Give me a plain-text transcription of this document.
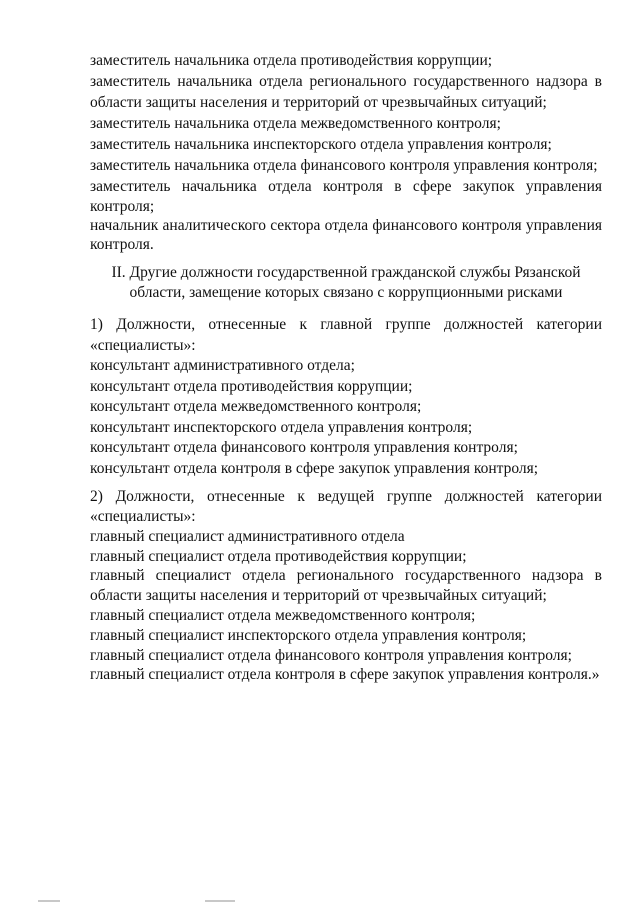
заместитель начальника отдела противодействия коррупции;
заместитель начальника отдела регионального государственного надзора в
области защиты населения и территорий от чрезвычайных ситуаций;
заместитель начальника отдела межведомственного контроля;
заместитель начальника инспекторского отдела управления контроля;
заместитель начальника отдела финансового контроля управления контроля;
заместитель начальника отдела контроля в сфере закупок управления
контроля;
начальник аналитического сектора отдела финансового контроля управления
контроля.
II. Другие должности государственной гражданской службы Рязанской
области, замещение которых связано с коррупционными рисками
1) Должности, отнесенные к главной группе должностей категории
«специалисты»:
консультант административного отдела;
консультант отдела противодействия коррупции;
консультант отдела межведомственного контроля;
консультант инспекторского отдела управления контроля;
консультант отдела финансового контроля управления контроля;
консультант отдела контроля в сфере закупок управления контроля;
2) Должности, отнесенные к ведущей группе должностей категории
«специалисты»:
главный специалист административного отдела
главный специалист отдела противодействия коррупции;
главный специалист отдела регионального государственного надзора в
области защиты населения и территорий от чрезвычайных ситуаций;
главный специалист отдела межведомственного контроля;
главный специалист инспекторского отдела управления контроля;
главный специалист отдела финансового контроля управления контроля;
главный специалист отдела контроля в сфере закупок управления контроля.»
